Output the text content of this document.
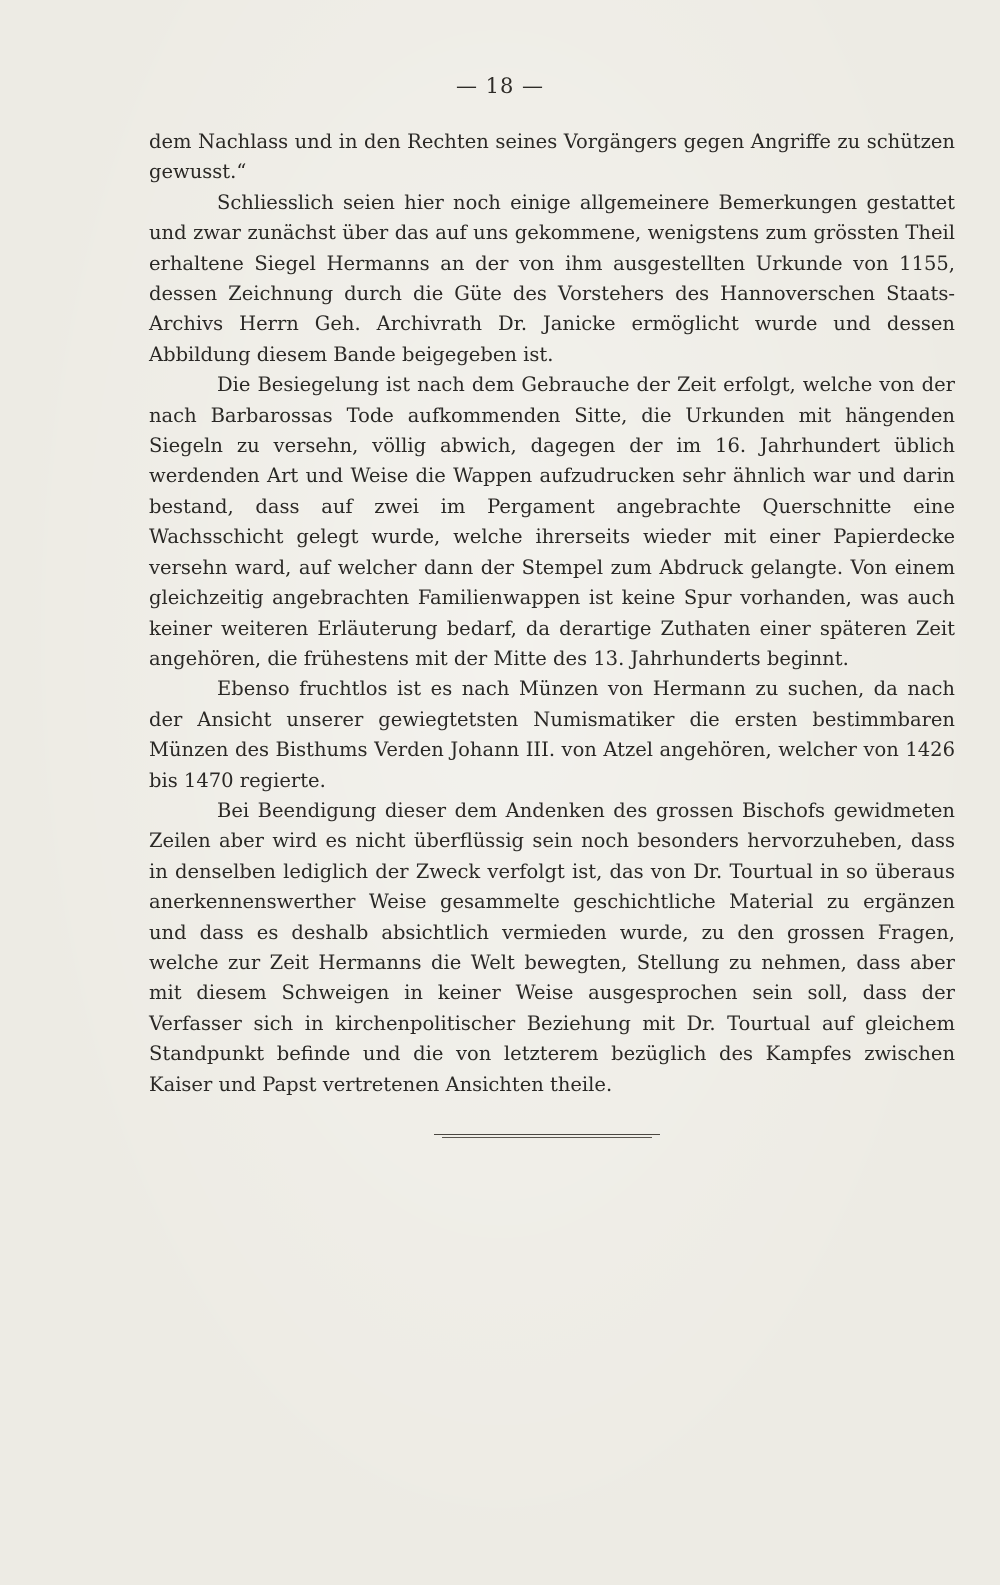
— 18 —

dem Nachlass und in den Rechten seines Vorgängers gegen Angriffe zu schützen gewusst.“

Schliesslich seien hier noch einige allgemeinere Bemerkungen gestattet und zwar zunächst über das auf uns gekommene, wenigstens zum grössten Theil erhaltene Siegel Hermanns an der von ihm ausgestellten Urkunde von 1155, dessen Zeichnung durch die Güte des Vorstehers des Hannoverschen Staats-Archivs Herrn Geh. Archivrath Dr. Janicke ermöglicht wurde und dessen Abbildung diesem Bande beigegeben ist.

Die Besiegelung ist nach dem Gebrauche der Zeit erfolgt, welche von der nach Barbarossas Tode aufkommenden Sitte, die Urkunden mit hängenden Siegeln zu versehn, völlig abwich, dagegen der im 16. Jahrhundert üblich werdenden Art und Weise die Wappen aufzudrucken sehr ähnlich war und darin bestand, dass auf zwei im Pergament angebrachte Querschnitte eine Wachsschicht gelegt wurde, welche ihrerseits wieder mit einer Papierdecke versehn ward, auf welcher dann der Stempel zum Abdruck gelangte. Von einem gleichzeitig angebrachten Familienwappen ist keine Spur vorhanden, was auch keiner weiteren Erläuterung bedarf, da derartige Zuthaten einer späteren Zeit angehören, die frühestens mit der Mitte des 13. Jahrhunderts beginnt.

Ebenso fruchtlos ist es nach Münzen von Hermann zu suchen, da nach der Ansicht unserer gewiegtetsten Numismatiker die ersten bestimmbaren Münzen des Bisthums Verden Johann III. von Atzel angehören, welcher von 1426 bis 1470 regierte.

Bei Beendigung dieser dem Andenken des grossen Bischofs gewidmeten Zeilen aber wird es nicht überflüssig sein noch besonders hervorzuheben, dass in denselben lediglich der Zweck verfolgt ist, das von Dr. Tourtual in so überaus anerkennenswerther Weise gesammelte geschichtliche Material zu ergänzen und dass es deshalb absichtlich vermieden wurde, zu den grossen Fragen, welche zur Zeit Hermanns die Welt bewegten, Stellung zu nehmen, dass aber mit diesem Schweigen in keiner Weise ausgesprochen sein soll, dass der Verfasser sich in kirchenpolitischer Beziehung mit Dr. Tourtual auf gleichem Standpunkt befinde und die von letzterem bezüglich des Kampfes zwischen Kaiser und Papst vertretenen Ansichten theile.
